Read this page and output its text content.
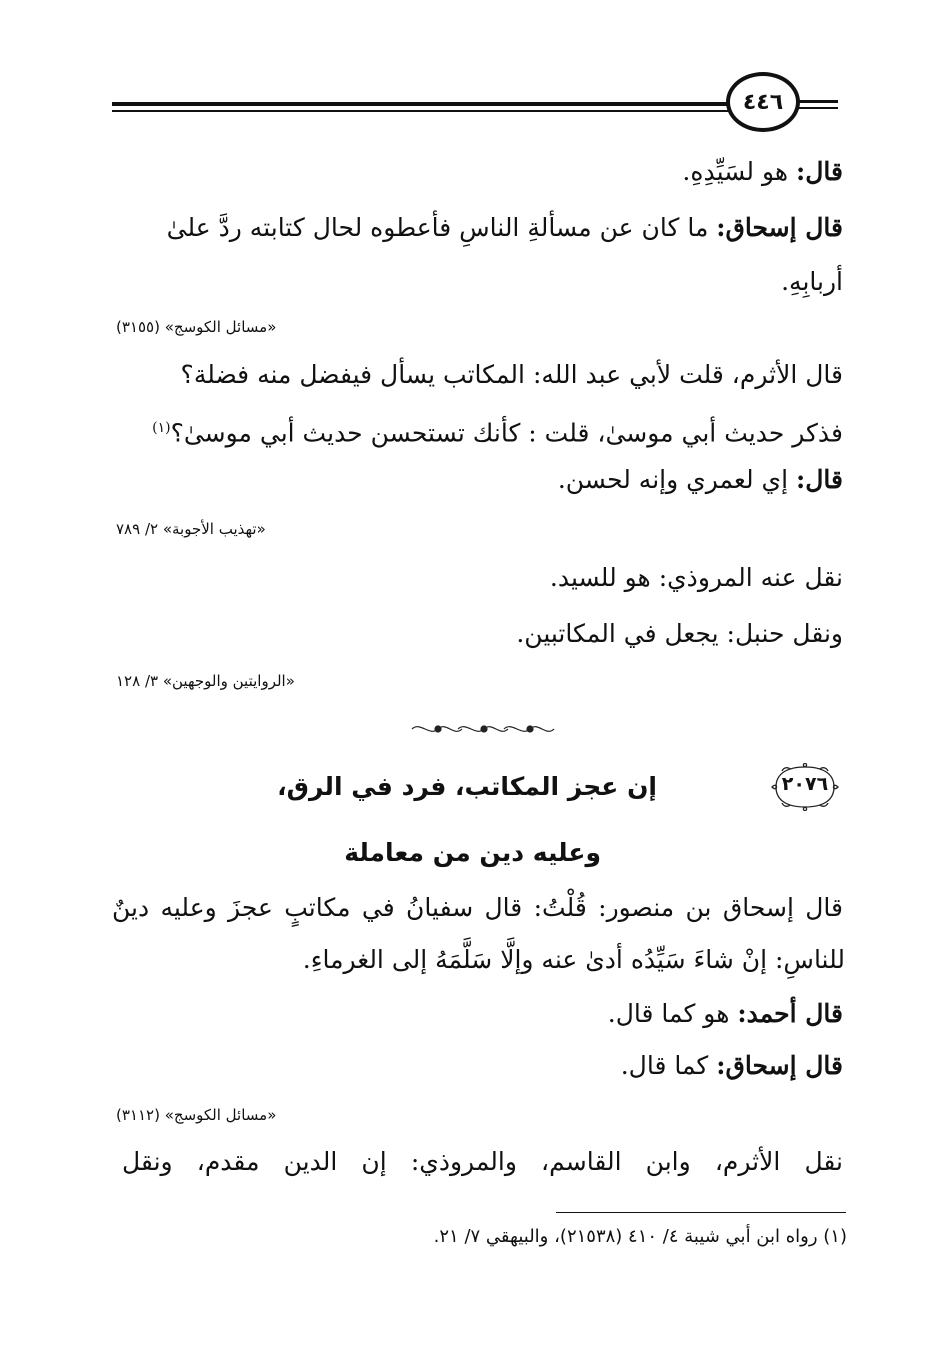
٤٤٦
قال: هو لسَيِّدِهِ.
قال إسحاق: ما كان عن مسألةِ الناسِ فأعطوه لحال كتابته ردَّ علىٰ
أربابِهِ.
«مسائل الكوسج» (٣١٥٥)
قال الأثرم، قلت لأبي عبد الله: المكاتب يسأل فيفضل منه فضلة؟
فذكر حديث أبي موسىٰ، قلت : كأنك تستحسن حديث أبي موسىٰ؟$^{(١)}$
قال: إي لعمري وإنه لحسن.
«تهذيب الأجوبة» ٢/ ٧٨٩
نقل عنه المروذي: هو للسيد.
ونقل حنبل: يجعل في المكاتبين.
«الروايتين والوجهين» ٣/ ١٢٨
٢٠٧٦
إن عجز المكاتب، فرد في الرق،
وعليه دين من معاملة
قال إسحاق بن منصور: قُلْتُ: قال سفيانُ في مكاتبٍ عجزَ وعليه دينٌ
للناسِ: إنْ شاءَ سَيِّدُه أدىٰ عنه وإلَّا سَلَّمَهُ إلى الغرماءِ.
قال أحمد: هو كما قال.
قال إسحاق: كما قال.
«مسائل الكوسج» (٣١١٢)
نقل الأثرم، وابن القاسم، والمروذي: إن الدين مقدم، ونقل
(١) رواه ابن أبي شيبة ٤/ ٤١٠ (٢١٥٣٨)، والبيهقي ٧/ ٢١.
